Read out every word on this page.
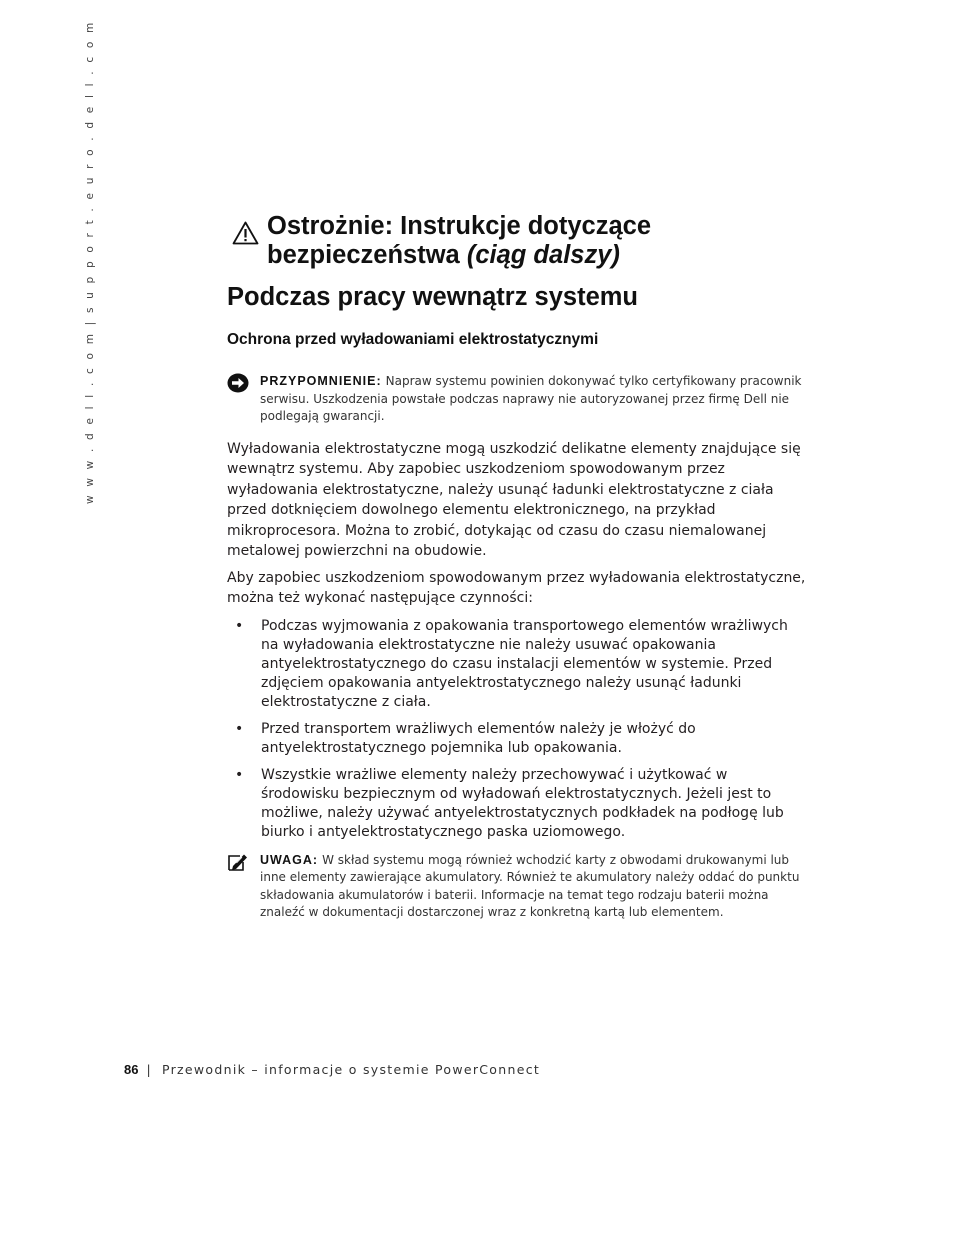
w w w . d e l l . c o m | s u p p o r t . e u r o . d e l l . c o m	Ostrożnie: Instrukcje dotyczące
bezpieczeństwa (ciąg dalszy)
Podczas pracy wewnątrz systemu
Ochrona przed wyładowaniami elektrostatycznymi
PRZYPOMNIENIE: Napraw systemu powinien dokonywać tylko certyfikowany pracownik serwisu. Uszkodzenia powstałe podczas naprawy nie autoryzowanej przez firmę Dell nie podlegają gwarancji.

Wyładowania elektrostatyczne mogą uszkodzić delikatne elementy znajdujące się wewnątrz systemu. Aby zapobiec uszkodzeniom spowodowanym przez wyładowania elektrostatyczne, należy usunąć ładunki elektrostatyczne z ciała przed dotknięciem dowolnego elementu elektronicznego, na przykład mikroprocesora. Można to zrobić, dotykając od czasu do czasu niemalowanej metalowej powierzchni na obudowie.

Aby zapobiec uszkodzeniom spowodowanym przez wyładowania elektrostatyczne, można też wykonać następujące czynności:

• Podczas wyjmowania z opakowania transportowego elementów wrażliwych na wyładowania elektrostatyczne nie należy usuwać opakowania antyelektrostatycznego do czasu instalacji elementów w systemie. Przed zdjęciem opakowania antyelektrostatycznego należy usunąć ładunki elektrostatyczne z ciała.
• Przed transportem wrażliwych elementów należy je włożyć do antyelektrostatycznego pojemnika lub opakowania.
• Wszystkie wrażliwe elementy należy przechowywać i użytkować w środowisku bezpiecznym od wyładowań elektrostatycznych. Jeżeli jest to możliwe, należy używać antyelektrostatycznych podkładek na podłogę lub biurko i antyelektrostatycznego paska uziomowego.
UWAGA: W skład systemu mogą również wchodzić karty z obwodami drukowanymi lub inne elementy zawierające akumulatory. Również te akumulatory należy oddać do punktu składowania akumulatorów i baterii. Informacje na temat tego rodzaju baterii można znaleźć w dokumentacji dostarczonej wraz z konkretną kartą lub elementem.
86 | Przewodnik – informacje o systemie PowerConnect
